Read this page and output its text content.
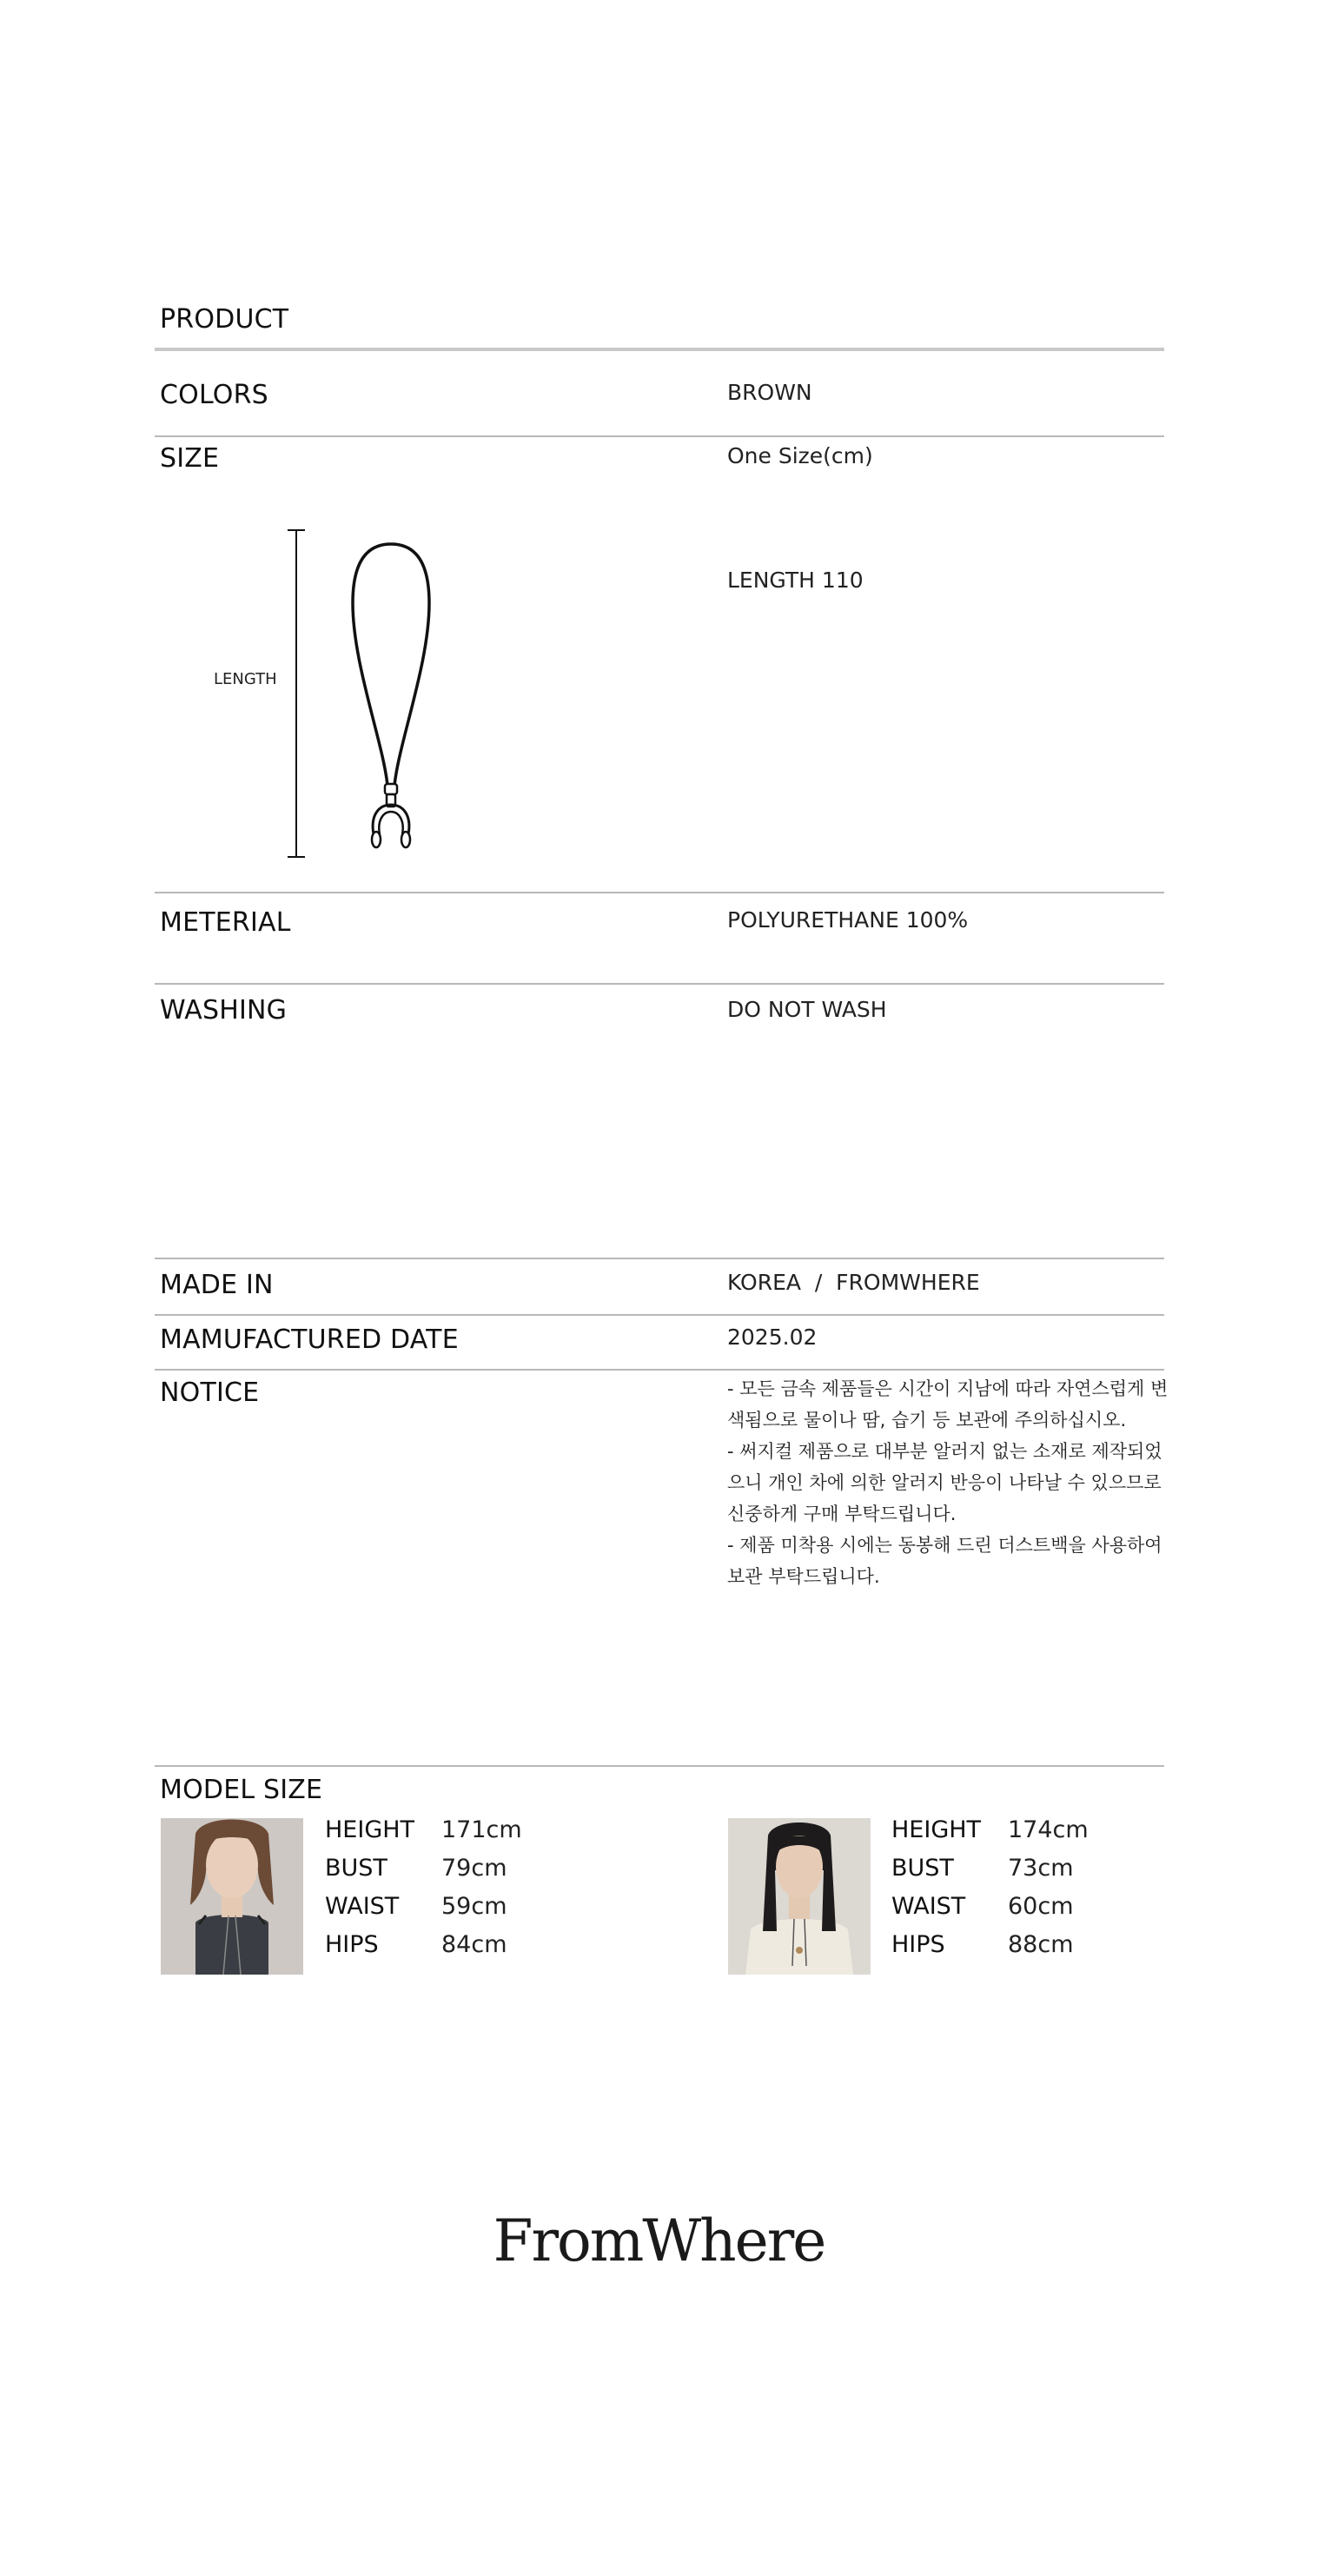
PRODUCT
COLORS	BROWN
SIZE	One Size(cm)
LENGTH 110
LENGTH
METERIAL	POLYURETHANE 100%
WASHING	DO NOT WASH
MADE IN	KOREA  /  FROMWHERE
MAMUFACTURED DATE	2025.02
NOTICE	- 모든 금속 제품들은 시간이 지남에 따라 자연스럽게 변
색됨으로 물이나 땀, 습기 등 보관에 주의하십시오.
- 써지컬 제품으로 대부분 알러지 없는 소재로 제작되었
으니 개인 차에 의한 알러지 반응이 나타날 수 있으므로
신중하게 구매 부탁드립니다.
- 제품 미착용 시에는 동봉해 드린 더스트백을 사용하여
보관 부탁드립니다.
MODEL SIZE
HEIGHT 171cm
BUST 79cm
WAIST 59cm
HIPS	84cm
HEIGHT 174cm
BUST 73cm
WAIST 60cm
HIPS	88cm
FromWhere
